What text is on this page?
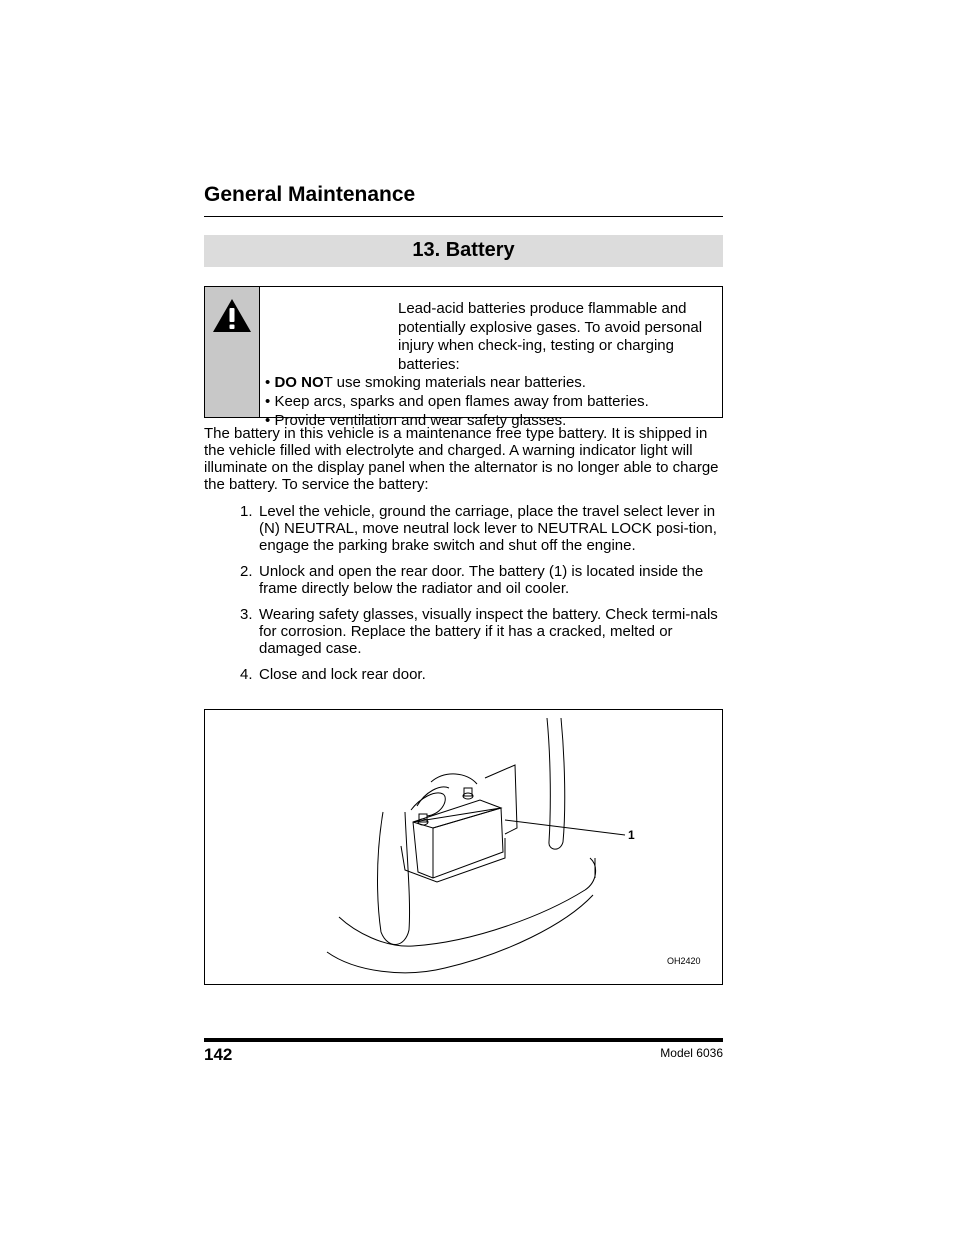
General Maintenance
13. Battery
Lead-acid batteries produce flammable and potentially explosive gases. To avoid personal injury when check-ing, testing or charging batteries:
• DO NOT use smoking materials near batteries.
• Keep arcs, sparks and open flames away from batteries.
• Provide ventilation and wear safety glasses.
The battery in this vehicle is a maintenance free type battery. It is shipped in the vehicle filled with electrolyte and charged. A warning indicator light will illuminate on the display panel when the alternator is no longer able to charge the battery. To service the battery:
1. Level the vehicle, ground the carriage, place the travel select lever in (N) NEUTRAL, move neutral lock lever to NEUTRAL LOCK posi-tion, engage the parking brake switch and shut off the engine.
2. Unlock and open the rear door. The battery (1) is located inside the frame directly below the radiator and oil cooler.
3. Wearing safety glasses, visually inspect the battery. Check termi-nals for corrosion. Replace the battery if it has a cracked, melted or damaged case.
4. Close and lock rear door.
1
OH2420
142	Model 6036
